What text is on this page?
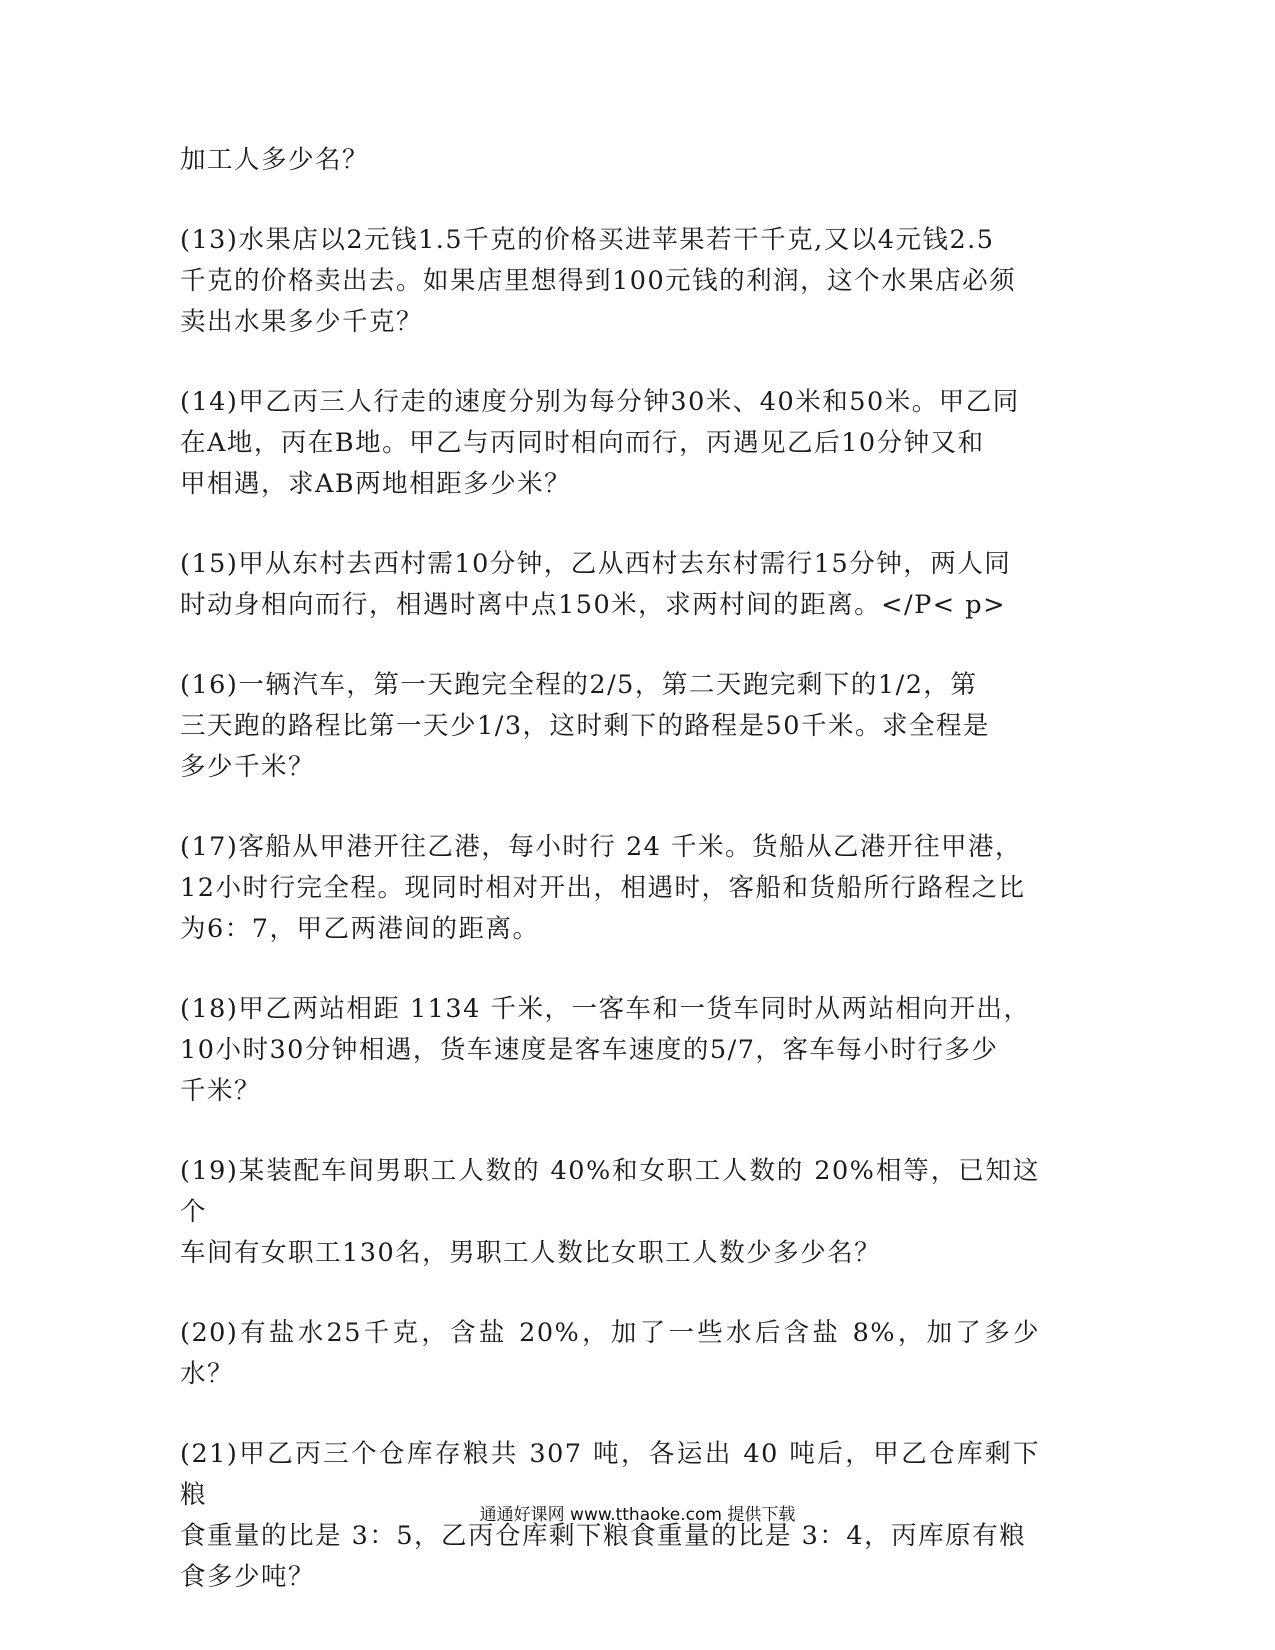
加工人多少名？

(13)水果店以2元钱1.5千克的价格买进苹果若干千克,又以4元钱2.5
千克的价格卖出去。如果店里想得到100元钱的利润，这个水果店必须
卖出水果多少千克？

(14)甲乙丙三人行走的速度分别为每分钟30米、40米和50米。甲乙同
在A地，丙在B地。甲乙与丙同时相向而行，丙遇见乙后10分钟又和
甲相遇，求AB两地相距多少米？

(15)甲从东村去西村需10分钟，乙从西村去东村需行15分钟，两人同
时动身相向而行，相遇时离中点150米，求两村间的距离。</P< p>

(16)一辆汽车，第一天跑完全程的2/5，第二天跑完剩下的1/2，第
三天跑的路程比第一天少1/3，这时剩下的路程是50千米。求全程是
多少千米？

(17)客船从甲港开往乙港，每小时行 24 千米。货船从乙港开往甲港，
12小时行完全程。现同时相对开出，相遇时，客船和货船所行路程之比
为6：7，甲乙两港间的距离。

(18)甲乙两站相距 1134 千米，一客车和一货车同时从两站相向开出，
10小时30分钟相遇，货车速度是客车速度的5/7，客车每小时行多少
千米？

(19)某装配车间男职工人数的 40%和女职工人数的 20%相等，已知这个
车间有女职工130名，男职工人数比女职工人数少多少名？

(20)有盐水25千克，含盐 20%，加了一些水后含盐 8%，加了多少水？

(21)甲乙丙三个仓库存粮共 307 吨，各运出 40 吨后，甲乙仓库剩下粮
食重量的比是 3：5，乙丙仓库剩下粮食重量的比是 3：4，丙库原有粮
食多少吨？

通通好课网 www.tthaoke.com 提供下载
